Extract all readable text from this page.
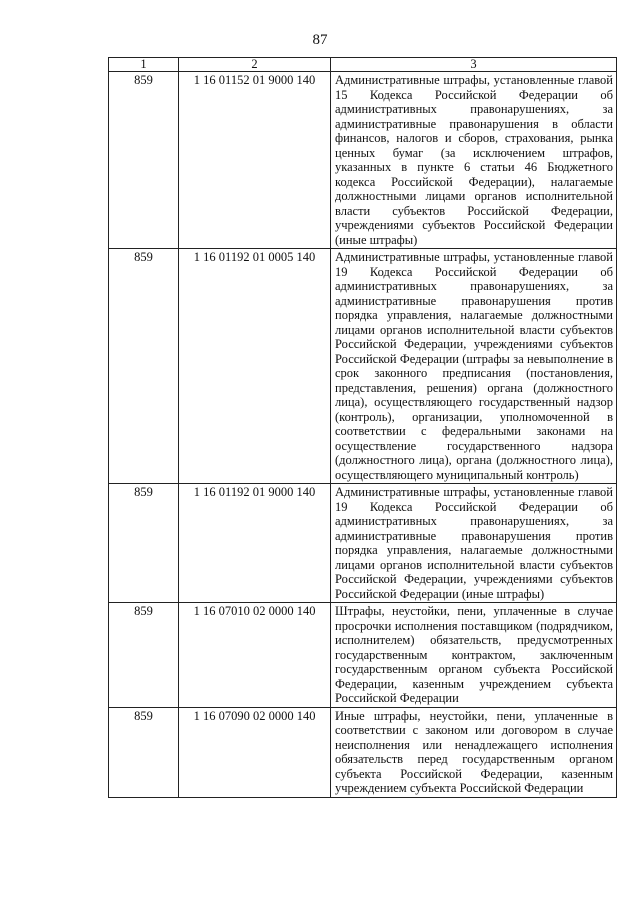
87
1	2	3
859	1 16 01152 01 9000 140	Административные штрафы, установленные главой 15 Кодекса Российской Федерации об административных правонарушениях, за административные правонарушения в области финансов, налогов и сборов, страхования, рынка ценных бумаг (за исключением штрафов, указанных в пункте 6 статьи 46 Бюджетного кодекса Российской Федерации), налагаемые должностными лицами органов исполнительной власти субъектов Российской Федерации, учреждениями субъектов Российской Федерации (иные штрафы)
859	1 16 01192 01 0005 140	Административные штрафы, установленные главой 19 Кодекса Российской Федерации об административных правонарушениях, за административные правонарушения против порядка управления, налагаемые должностными лицами органов исполнительной власти субъектов Российской Федерации, учреждениями субъектов Российской Федерации (штрафы за невыполнение в срок законного предписания (постановления, представления, решения) органа (должностного лица), осуществляющего государственный надзор (контроль), организации, уполномоченной в соответствии с федеральными законами на осуществление государственного надзора (должностного лица), органа (должностного лица), осуществляющего муниципальный контроль)
859	1 16 01192 01 9000 140	Административные штрафы, установленные главой 19 Кодекса Российской Федерации об административных правонарушениях, за административные правонарушения против порядка управления, налагаемые должностными лицами органов исполнительной власти субъектов Российской Федерации, учреждениями субъектов Российской Федерации (иные штрафы)
859	1 16 07010 02 0000 140	Штрафы, неустойки, пени, уплаченные в случае просрочки исполнения поставщиком (подрядчиком, исполнителем) обязательств, предусмотренных государственным контрактом, заключенным государственным органом субъекта Российской Федерации, казенным учреждением субъекта Российской Федерации
859	1 16 07090 02 0000 140	Иные штрафы, неустойки, пени, уплаченные в соответствии с законом или договором в случае неисполнения или ненадлежащего исполнения обязательств перед государственным органом субъекта Российской Федерации, казенным учреждением субъекта Российской Федерации
